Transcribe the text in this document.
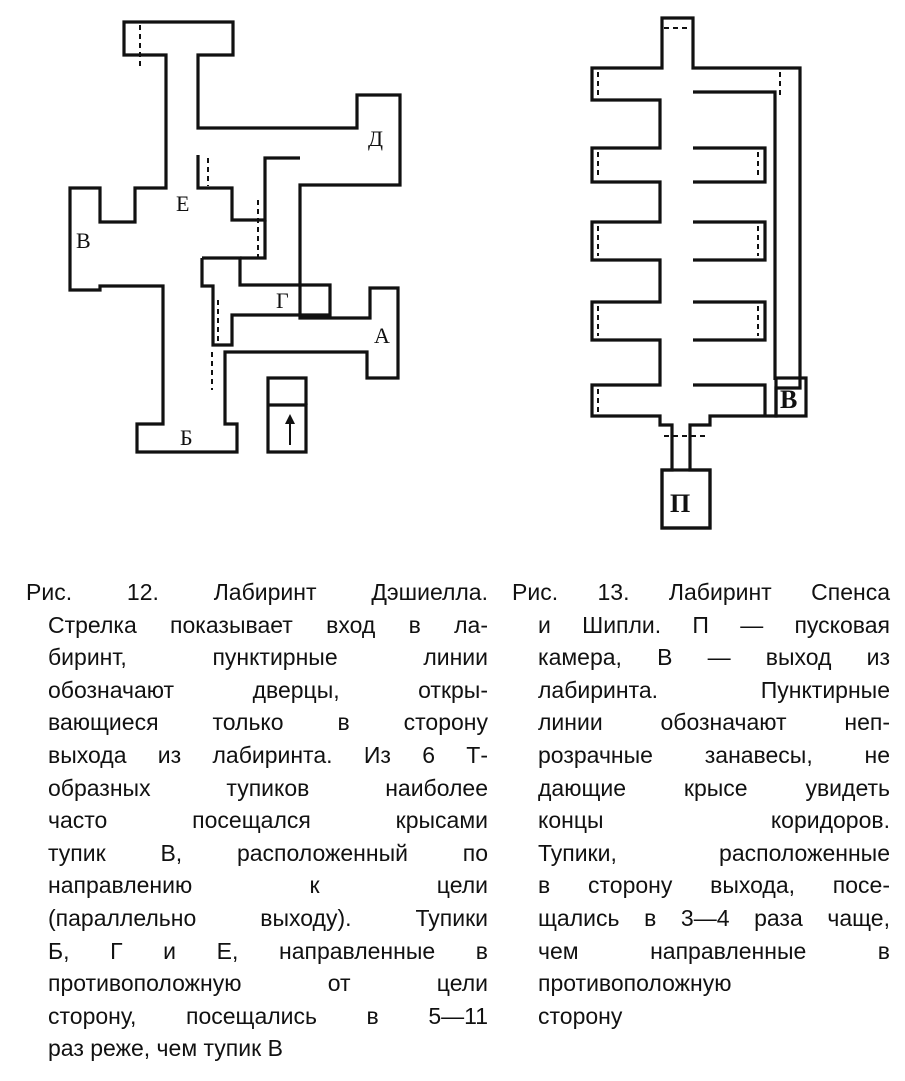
Д
Е
В
Г
А
Б
В
П
Рис. 12. Лабиринт Дэшиелла.
Стрелка показывает вход в ла-
биринт, пунктирные линии
обозначают дверцы, откры-
вающиеся только в сторону
выхода из лабиринта. Из 6 Т-
образных тупиков наиболее
часто посещался крысами
тупик В, расположенный по
направлению к цели
(параллельно выходу). Тупики
Б, Г и Е, направленные в
противоположную от цели
сторону, посещались в 5—11
раз реже, чем тупик В
Рис. 13. Лабиринт Спенса
и Шипли. П — пусковая
камера, В — выход из
лабиринта. Пунктирные
линии обозначают неп-
розрачные занавесы, не
дающие крысе увидеть
концы коридоров.
Тупики, расположенные
в сторону выхода, посе-
щались в 3—4 раза чаще,
чем направленные в
противоположную
сторону
